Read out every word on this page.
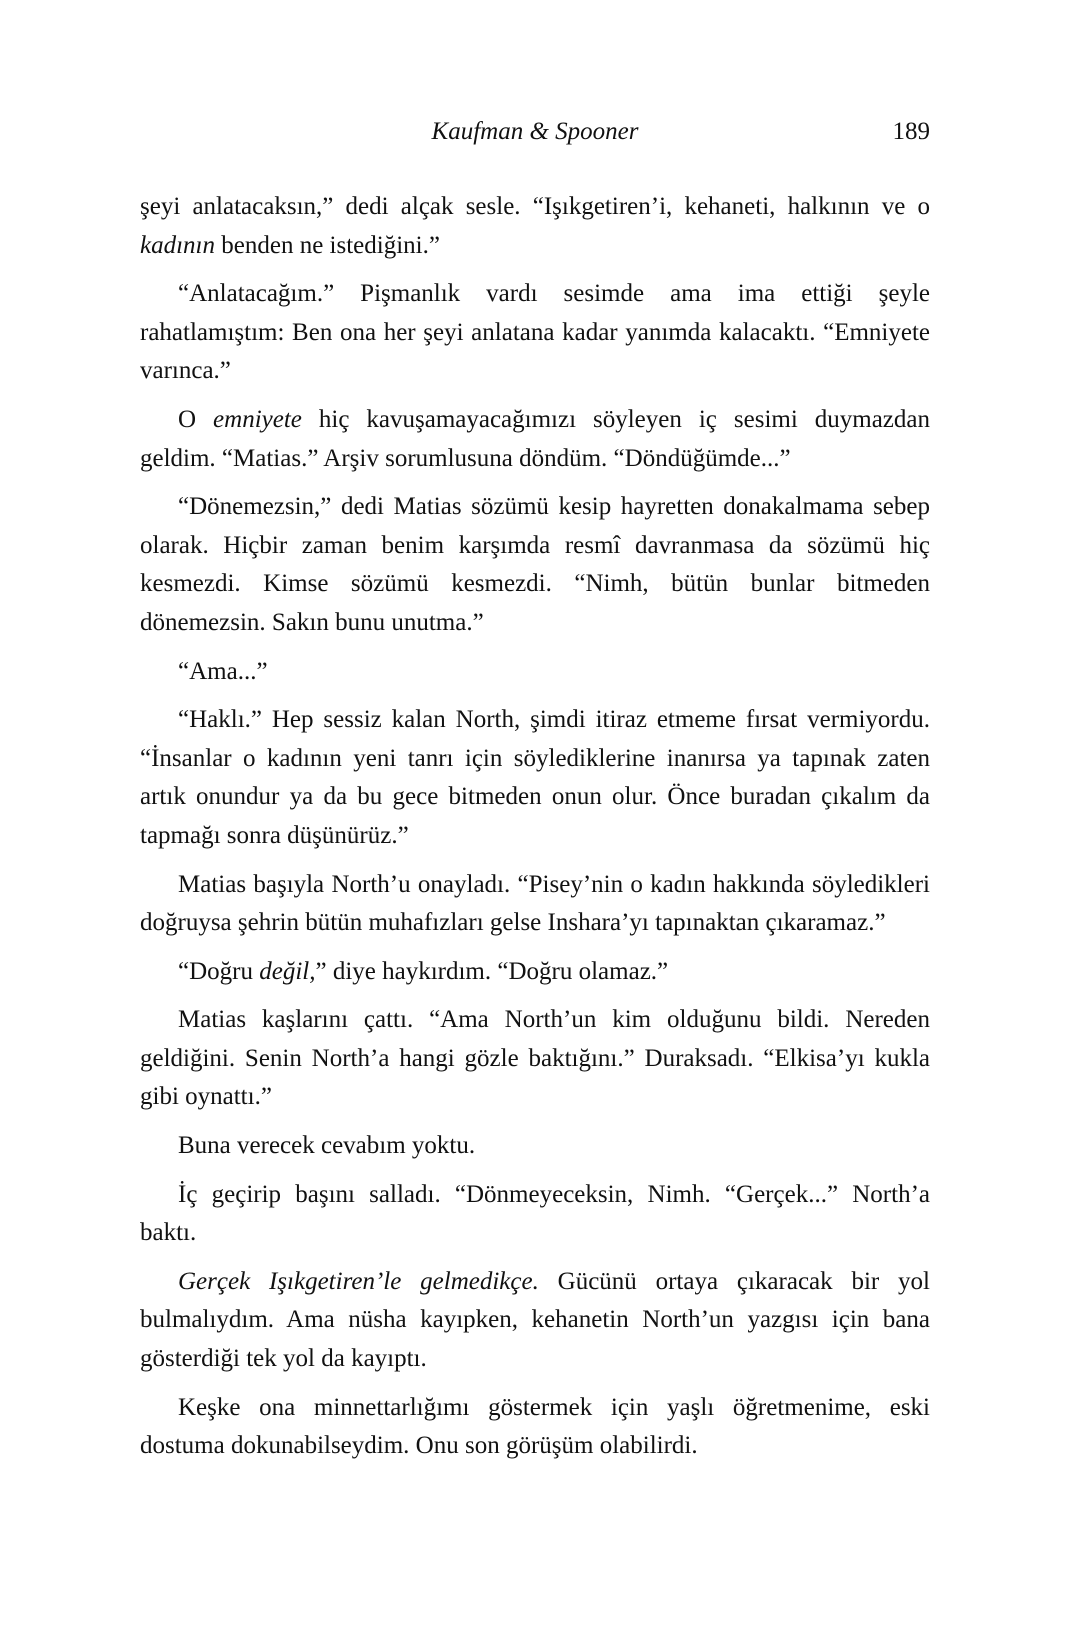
Kaufman & Spooner	189

şeyi anlatacaksın,” dedi alçak sesle. “Işıkgetiren’i, kehaneti, halkının ve o kadının benden ne istediğini.”

“Anlatacağım.” Pişmanlık vardı sesimde ama ima ettiği şeyle rahatlamıştım: Ben ona her şeyi anlatana kadar yanımda kalacaktı. “Emniyete varınca.”

O emniyete hiç kavuşamayacağımızı söyleyen iç sesimi duymazdan geldim. “Matias.” Arşiv sorumlusuna döndüm. “Döndüğümde...”

“Dönemezsin,” dedi Matias sözümü kesip hayretten donakalmama sebep olarak. Hiçbir zaman benim karşımda resmî davranmasa da sözümü hiç kesmezdi. Kimse sözümü kesmezdi. “Nimh, bütün bunlar bitmeden dönemezsin. Sakın bunu unutma.”

“Ama...”

“Haklı.” Hep sessiz kalan North, şimdi itiraz etmeme fırsat vermiyordu. “İnsanlar o kadının yeni tanrı için söylediklerine inanırsa ya tapınak zaten artık onundur ya da bu gece bitmeden onun olur. Önce buradan çıkalım da tapmağı sonra düşünürüz.”

Matias başıyla North’u onayladı. “Pisey’nin o kadın hakkında söyledikleri doğruysa şehrin bütün muhafızları gelse Inshara’yı tapınaktan çıkaramaz.”

“Doğru değil,” diye haykırdım. “Doğru olamaz.”

Matias kaşlarını çattı. “Ama North’un kim olduğunu bildi. Nereden geldiğini. Senin North’a hangi gözle baktığını.” Duraksadı. “Elkisa’yı kukla gibi oynattı.”

Buna verecek cevabım yoktu.

İç geçirip başını salladı. “Dönmeyeceksin, Nimh. “Gerçek...” North’a baktı.

Gerçek Işıkgetiren’le gelmedikçe. Gücünü ortaya çıkaracak bir yol bulmalıydım. Ama nüsha kayıpken, kehanetin North’un yazgısı için bana gösterdiği tek yol da kayıptı.

Keşke ona minnettarlığımı göstermek için yaşlı öğretmenime, eski dostuma dokunabilseydim. Onu son görüşüm olabilirdi.
